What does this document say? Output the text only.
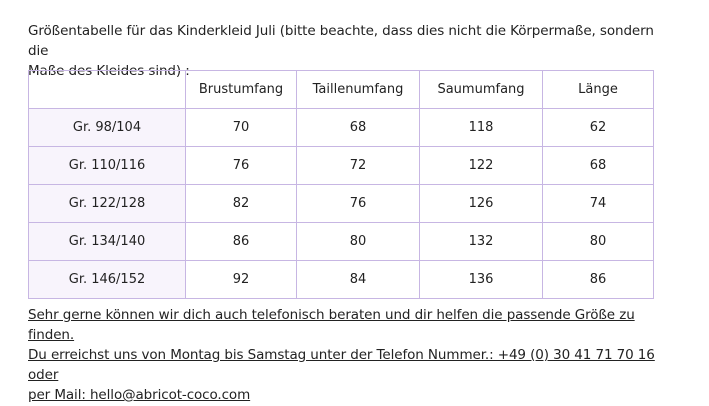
Größentabelle für das Kinderkleid Juli (bitte beachte, dass dies nicht die Körpermaße, sondern die
Maße des Kleides sind) :
	Brustumfang	Taillenumfang	Saumumfang	Länge
Gr. 98/104	70	68	118	62
Gr. 110/116	76	72	122	68
Gr. 122/128	82	76	126	74
Gr. 134/140	86	80	132	80
Gr. 146/152	92	84	136	86
Sehr gerne können wir dich auch telefonisch beraten und dir helfen die passende Größe zu finden.
Du erreichst uns von Montag bis Samstag unter der Telefon Nummer.: +49 (0) 30 41 71 70 16 oder
per Mail: hello@abricot-coco.com
